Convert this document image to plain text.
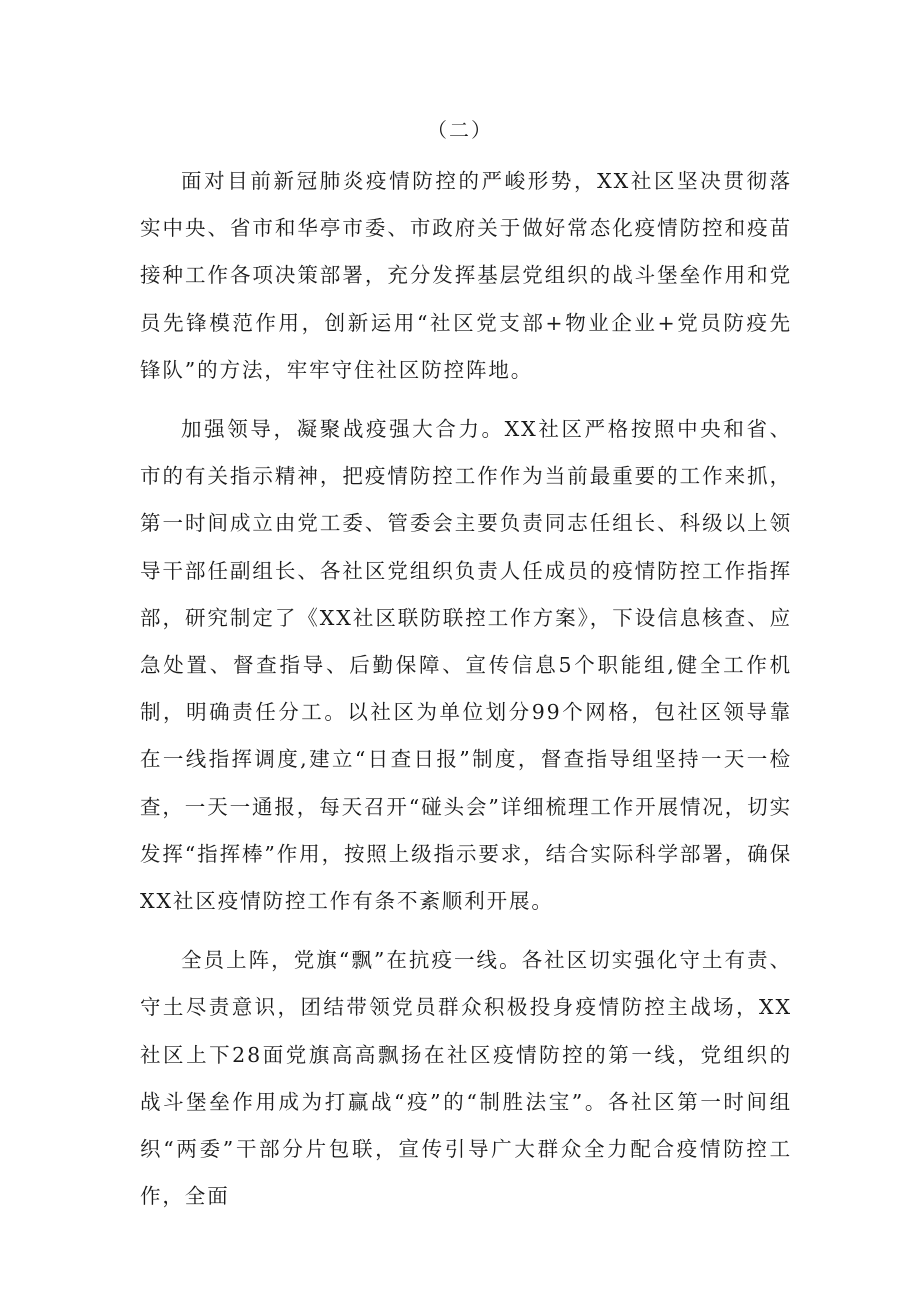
（二）

面对目前新冠肺炎疫情防控的严峻形势，XX社区坚决贯彻落实中央、省市和华亭市委、市政府关于做好常态化疫情防控和疫苗接种工作各项决策部署，充分发挥基层党组织的战斗堡垒作用和党员先锋模范作用，创新运用“社区党支部+物业企业+党员防疫先锋队”的方法，牢牢守住社区防控阵地。

加强领导，凝聚战疫强大合力。XX社区严格按照中央和省、市的有关指示精神，把疫情防控工作作为当前最重要的工作来抓，第一时间成立由党工委、管委会主要负责同志任组长、科级以上领导干部任副组长、各社区党组织负责人任成员的疫情防控工作指挥部，研究制定了《XX社区联防联控工作方案》，下设信息核查、应急处置、督查指导、后勤保障、宣传信息5个职能组,健全工作机制，明确责任分工。以社区为单位划分99个网格，包社区领导靠在一线指挥调度,建立“日查日报”制度，督查指导组坚持一天一检查，一天一通报，每天召开“碰头会”详细梳理工作开展情况，切实发挥“指挥棒”作用，按照上级指示要求，结合实际科学部署，确保XX社区疫情防控工作有条不紊顺利开展。

全员上阵，党旗“飘”在抗疫一线。各社区切实强化守土有责、守土尽责意识，团结带领党员群众积极投身疫情防控主战场，XX社区上下28面党旗高高飘扬在社区疫情防控的第一线，党组织的战斗堡垒作用成为打赢战“疫”的“制胜法宝”。各社区第一时间组织“两委”干部分片包联，宣传引导广大群众全力配合疫情防控工作，全面
